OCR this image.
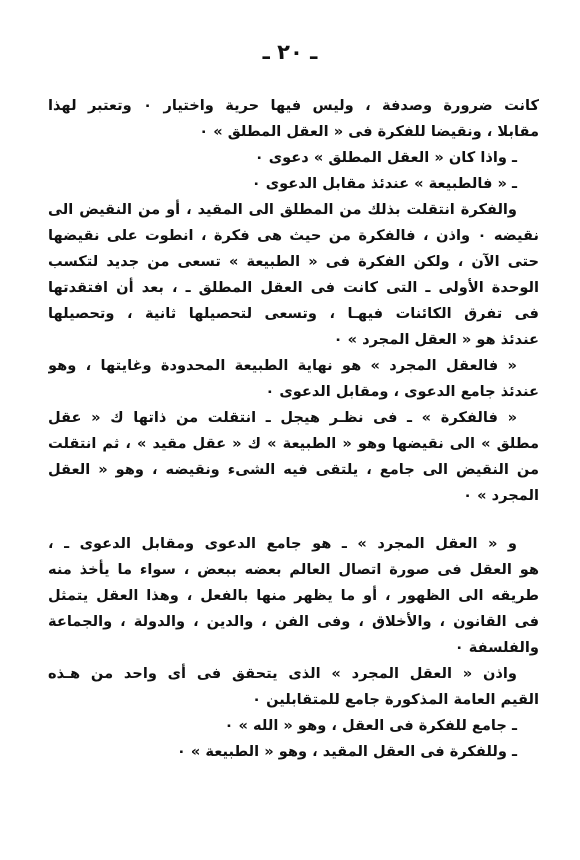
ـ ٢٠ ـ
كانت ضرورة وصدفة ، وليس فيها حرية واختيار ٠ وتعتبر لهذا
مقابلا ، ونقيضا للفكرة فى « العقل المطلق » ٠
ـ واذا كان « العقل المطلق » دعوى ٠
ـ « فالطبيعة » عندئذ مقابل الدعوى ٠
والفكرة انتقلت بذلك من المطلق الى المقيد ، أو من النقيض الى
نقيضه ٠ واذن ، فالفكرة من حيث هى فكرة ، انطوت على نقيضها
حتى الآن ، ولكن الفكرة فى « الطبيعة » تسعى من جديد لتكسب
الوحدة الأولى ـ التى كانت فى العقل المطلق ـ ، بعد أن افتقدتها
فى تفرق الكائنات فيهـا ، وتسعى لتحصيلها ثانية ، وتحصيلها
عندئذ هو « العقل المجرد » ٠
« فالعقل المجرد » هو نهاية الطبيعة المحدودة وغايتها ، وهو
عندئذ جامع الدعوى ، ومقابل الدعوى ٠
« فالفكرة » ـ فى نظـر هيجل ـ انتقلت من ذاتها ك « عقل
مطلق » الى نقيضها وهو « الطبيعة » ك « عقل مقيد » ، ثم انتقلت
من النقيض الى جامع ، يلتقى فيه الشىء ونقيضه ، وهو « العقل
المجرد » ٠
و « العقل المجرد » ـ هو جامع الدعوى ومقابل الدعوى ـ ،
هو العقل فى صورة اتصال العالم بعضه ببعض ، سواء ما يأخذ منه
طريقه الى الظهور ، أو ما يظهر منها بالفعل ، وهذا العقل يتمثل
فى القانون ، والأخلاق ، وفى الفن ، والدين ، والدولة ، والجماعة
والفلسفة ٠
واذن « العقل المجرد » الذى يتحقق فى أى واحد من هـذه
القيم العامة المذكورة جامع للمتقابلين ٠
ـ جامع للفكرة فى العقل ، وهو « الله » ٠
ـ وللفكرة فى العقل المقيد ، وهو « الطبيعة » ٠
